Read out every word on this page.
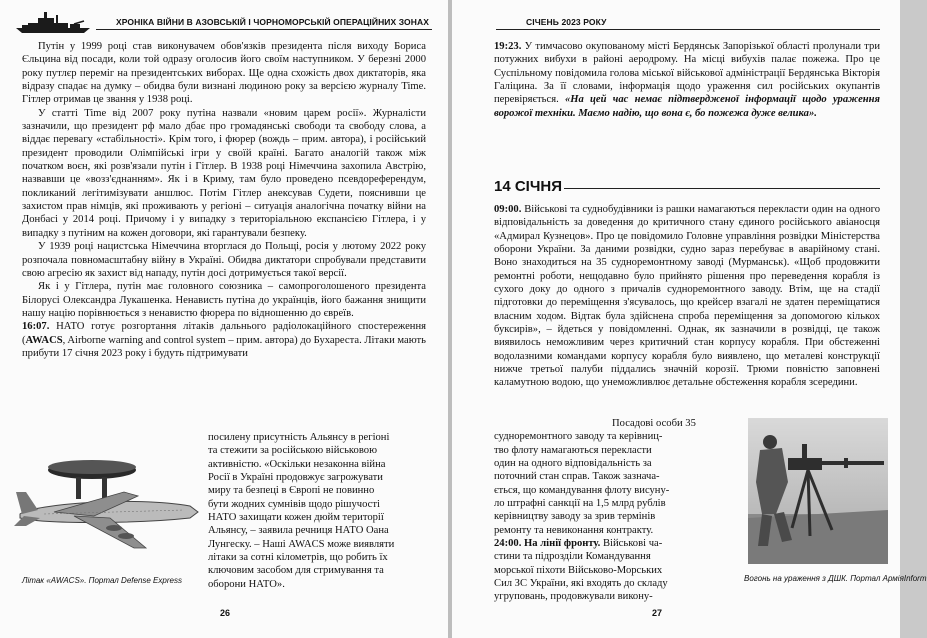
ХРОНІКА ВІЙНИ В АЗОВСЬКІЙ І ЧОРНОМОРСЬКІЙ ОПЕРАЦІЙНИХ ЗОНАХ

Путін у 1999 році став виконувачем обов'язків президента після виходу Бориса Єльцина від посади, коли той одразу оголосив його своїм наступником. У березні 2000 року путлєр переміг на президентських виборах. Ще одна схожість двох диктаторів, яка відразу спадає на думку – обидва були визнані людиною року за версією журналу Time. Гітлер отримав це звання у 1938 році.

У статті Time від 2007 року путіна назвали «новим царем росії». Журналісти зазначили, що президент рф мало дбає про громадянські свободи та свободу слова, а віддає перевагу «стабільності». Крім того, і фюрер (вождь – прим. автора), і російський президент проводили Олімпійські ігри у своїй країні. Багато аналогій також між початком воєн, які розв'язали путін і Гітлер. В 1938 році Німеччина захопила Австрію, назвавши це «возз'єднанням». Як і в Криму, там було проведено псевдореферендум, покликаний легітимізувати аншлюс. Потім Гітлер анексував Судети, пояснивши це захистом прав німців, які проживають у регіоні – ситуація аналогічна початку війни на Донбасі у 2014 році. Причому і у випадку з територіальною експансією Гітлера, і у випадку з путіним на кожен договори, які гарантували безпеку.

У 1939 році нацистська Німеччина вторглася до Польщі, росія у лютому 2022 року розпочала повномасштабну війну в Україні. Обидва диктатори спробували представити свою агресію як захист від нападу, путін досі дотримується такої версії.

Як і у Гітлера, путін має головного союзника – самопроголошеного президента Білорусі Олександра Лукашенка. Ненависть путіна до українців, його бажання знищити нашу націю порівнюється з ненавистю фюрера по відношенню до євреїв.

16:07. НАТО готує розгортання літаків дальнього радіолокаційного спостереження (AWACS, Airborne warning and control system – прим. автора) до Бухареста. Літаки мають прибути 17 січня 2023 року і будуть підтримувати

посилену присутність Альянсу в регіоні
та стежити за російською військовою
активністю. «Оскільки незаконна війна
Росії в Україні продовжує загрожувати
миру та безпеці в Європі не повинно
бути жодних сумнівів щодо рішучості
НАТО захищати кожен дюйм території
Альянсу, – заявила речниця НАТО Оана
Лунгеску. – Наші AWACS може виявляти
літаки за сотні кілометрів, що робить їх
ключовим засобом для стримування та
оборони НАТО».
Літак «AWACS». Портал Defense Express
26
СІЧЕНЬ 2023 РОКУ

19:23. У тимчасово окупованому місті Бердянськ Запорізької області пролунали три потужних вибухи в районі аеродрому. На місці вибухів палає пожежа. Про це Суспільному повідомила голова міської військової адміністрації Бердянська Вікторія Галіцина. За її словами, інформація щодо ураження сил російських окупантів перевіряється. «На цей час немає підтвердженої інформації щодо ураження ворожої техніки. Маємо надію, що вона є, бо пожежа дуже велика».

14 СІЧНЯ

09:00. Військові та суднобудівники із рашки намагаються перекласти один на одного відповідальність за доведення до критичного стану єдиного російського авіаносця «Адмирал Кузнецов». Про це повідомило Головне управління розвідки Міністерства оборони України. За даними розвідки, судно зараз перебуває в аварійному стані. Воно знаходиться на 35 судноремонтному заводі (Мурманськ). «Щоб продовжити ремонтні роботи, нещодавно було прийнято рішення про переведення корабля із сухого доку до одного з причалів судноремонтного заводу. Втім, ще на стадії підготовки до переміщення з'ясувалось, що крейсер взагалі не здатен переміщатися власним ходом. Відтак була здійснена спроба переміщення за допомогою кількох буксирів», – йдеться у повідомленні. Однак, як зазначили в розвідці, це також виявилось неможливим через критичний стан корпусу корабля. При обстеженні водолазними командами корпусу корабля було виявлено, що металеві конструкції нижче третьої палуби піддались значній корозії. Трюми повністю заповнені каламутною водою, що унеможливлює детальне обстеження корабля зсередини.

Посадові особи 35
судноремонтного заводу та керівниц-
тво флоту намагаються перекласти
один на одного відповідальність за
поточний стан справ. Також зазнача-
ється, що командування флоту висуну-
ло штрафні санкції на 1,5 млрд рублів
керівництву заводу за зрив термінів
ремонту та невиконання контракту.
24:00. На лінії фронту. Військові ча-
стини та підрозділи Командування
морської піхоти Військово-Морських
Сил ЗС України, які входять до складу
угруповань, продовжували викону-
Вогонь на ураження з ДШК. Портал АрміяInform
27
